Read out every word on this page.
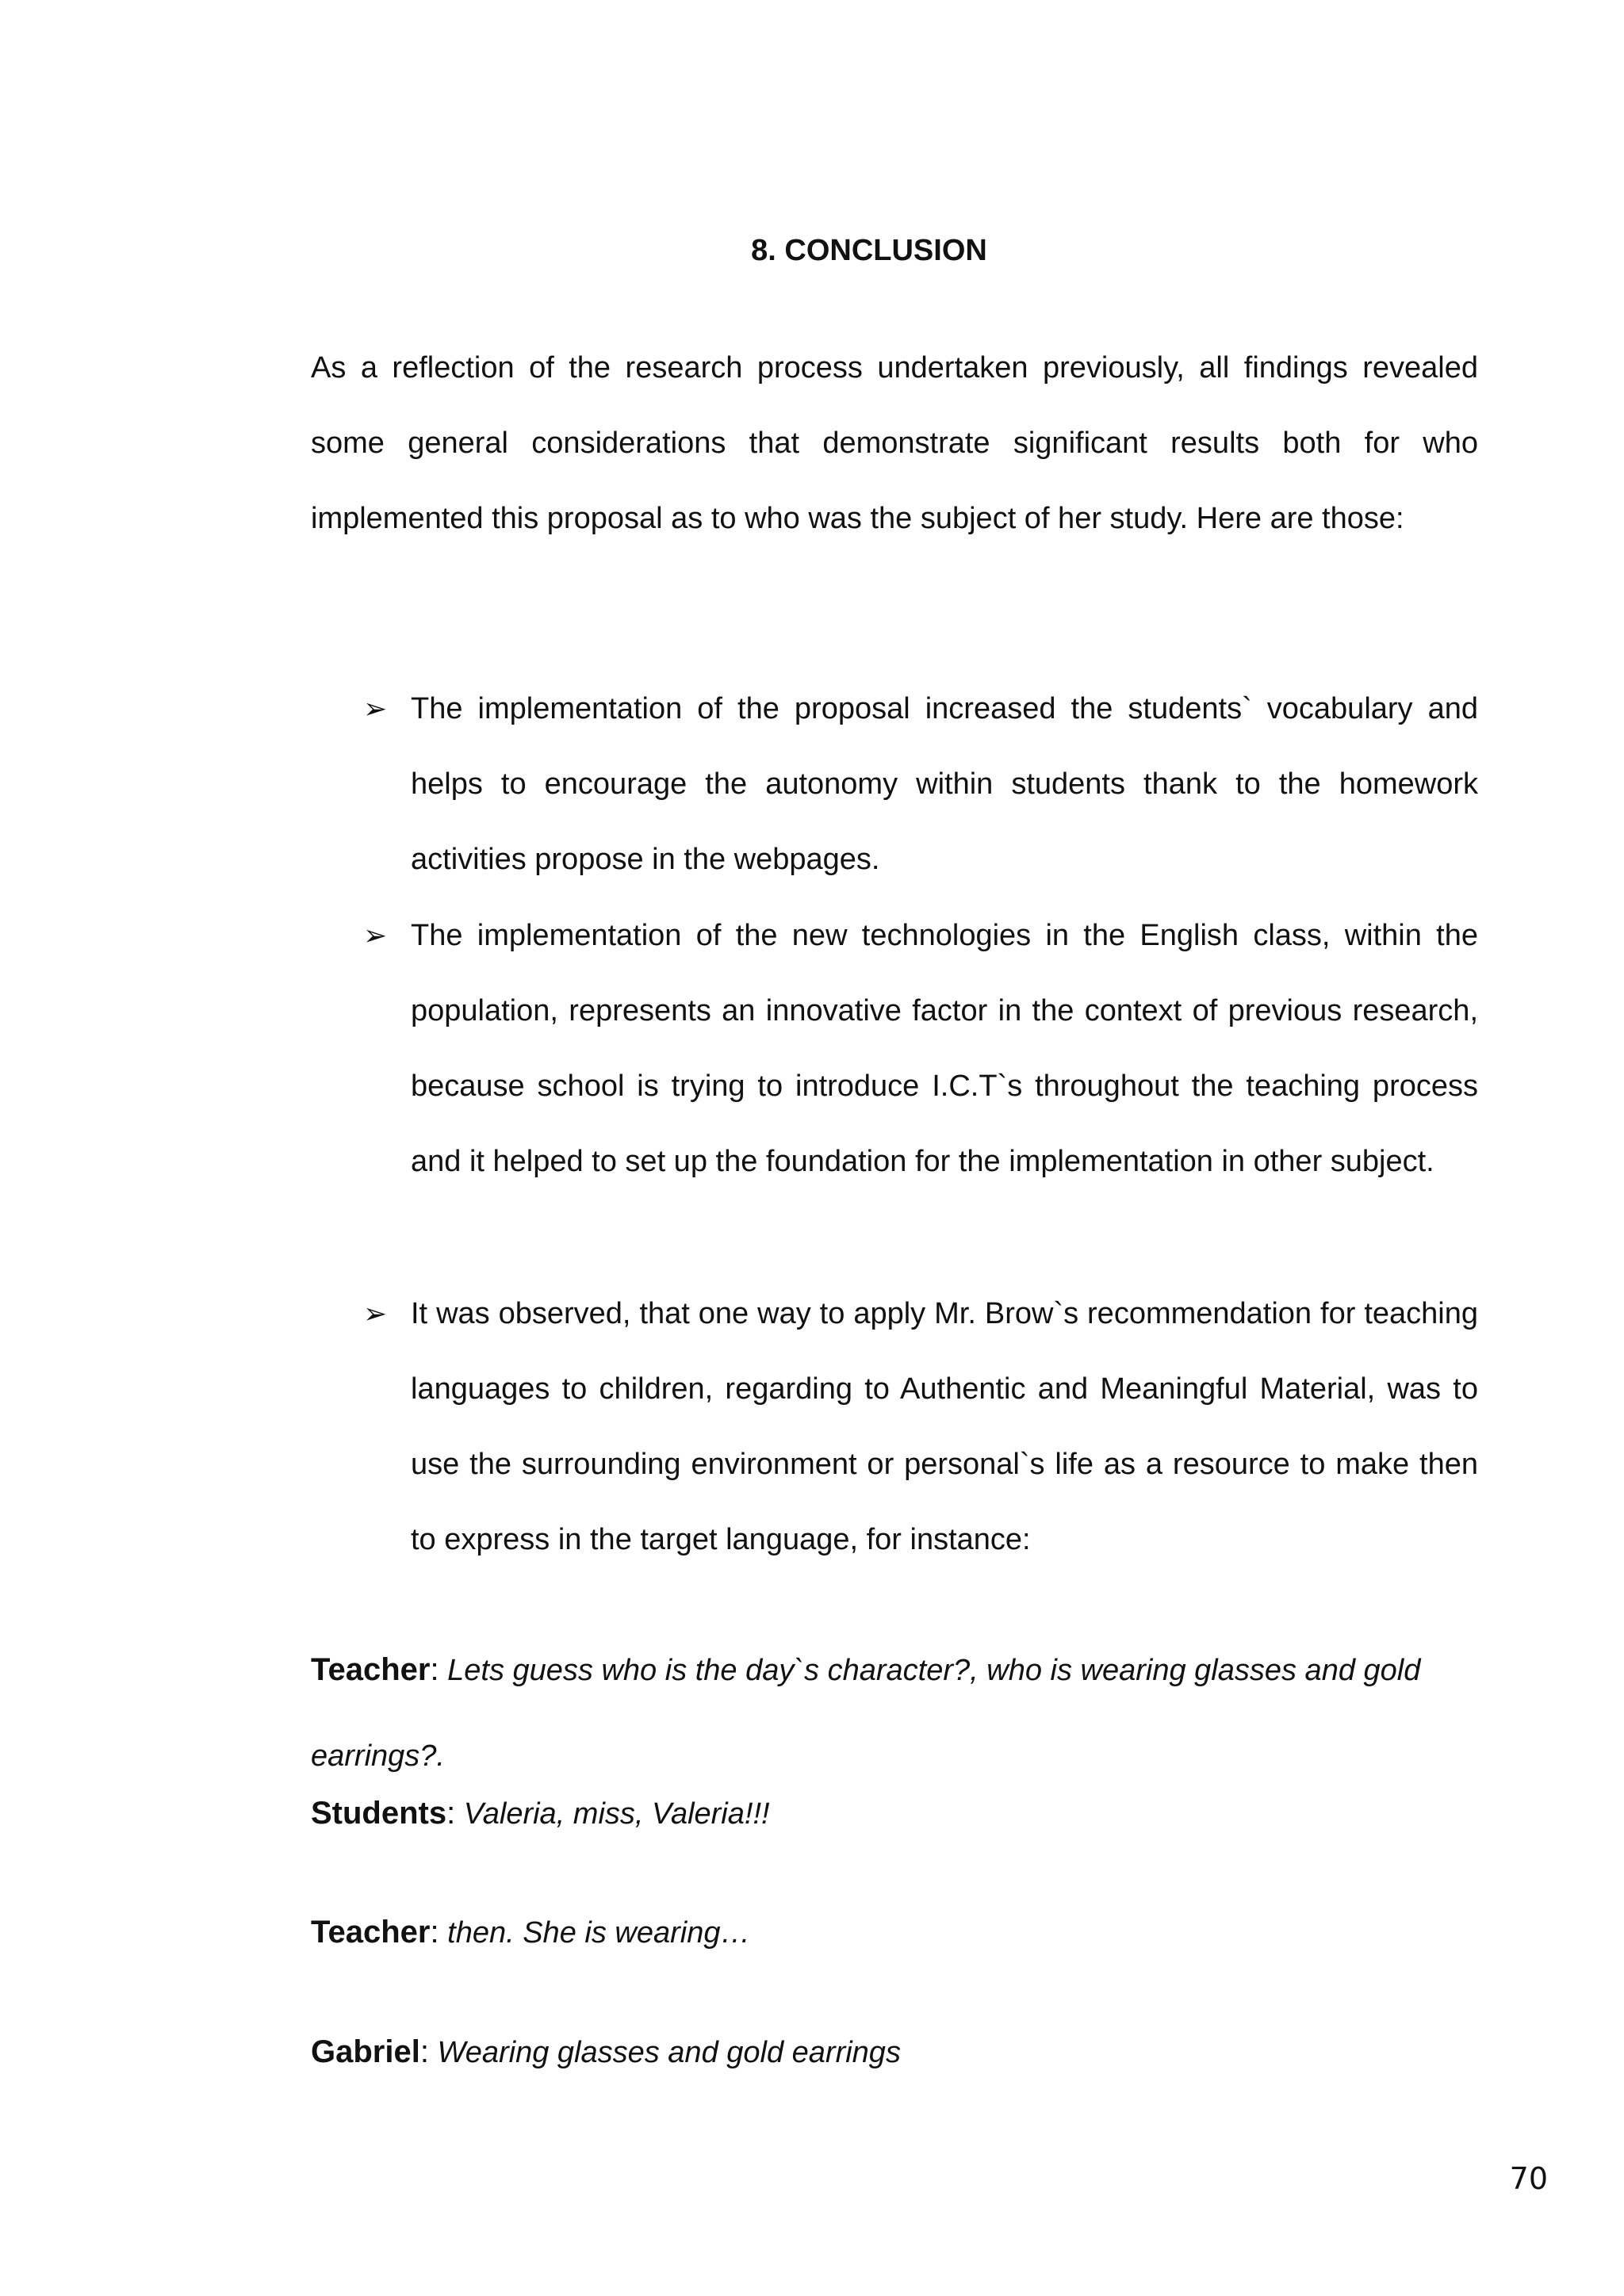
8. CONCLUSION

As a reflection of the research process undertaken previously, all findings revealed some general considerations that demonstrate significant results both for who implemented this proposal as to who was the subject of her study. Here are those:

➢ The implementation of the proposal increased the students` vocabulary and helps to encourage the autonomy within students thank to the homework activities propose in the webpages.
➢ The implementation of the new technologies in the English class, within the population, represents an innovative factor in the context of previous research, because school is trying to introduce I.C.T`s throughout the teaching process and it helped to set up the foundation for the implementation in other subject.
➢ It was observed, that one way to apply Mr. Brow`s recommendation for teaching languages to children, regarding to Authentic and Meaningful Material, was to use the surrounding environment or personal`s life as a resource to make then to express in the target language, for instance:

Teacher: Lets guess who is the day`s character?, who is wearing glasses and gold earrings?.

Students: Valeria, miss, Valeria!!!

Teacher: then. She is wearing…

Gabriel: Wearing glasses and gold earrings

70
